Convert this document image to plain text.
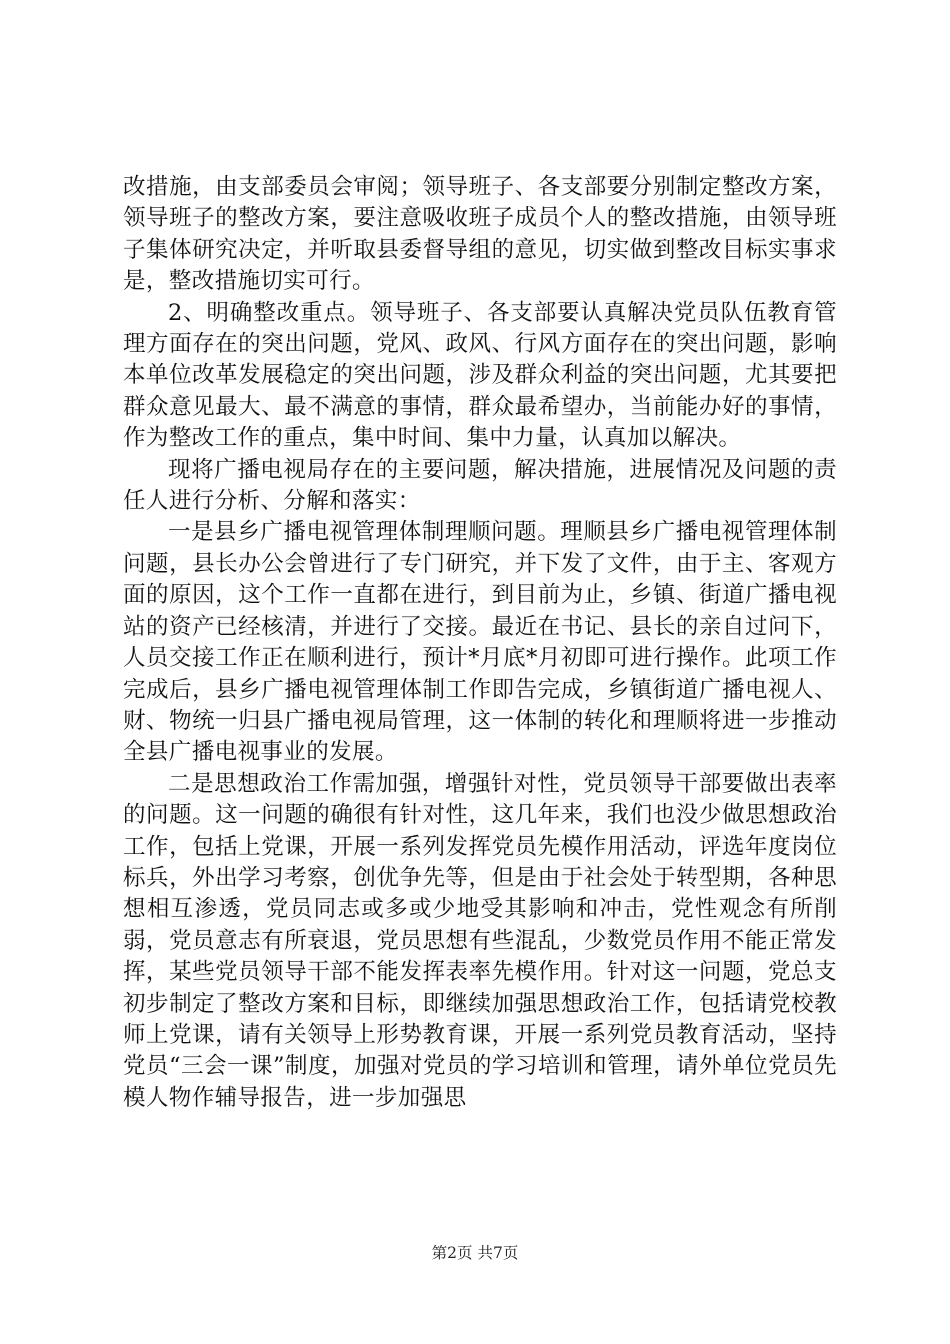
改措施，由支部委员会审阅；领导班子、各支部要分别制定整改方案，领导班子的整改方案，要注意吸收班子成员个人的整改措施，由领导班子集体研究决定，并听取县委督导组的意见，切实做到整改目标实事求是，整改措施切实可行。

2、明确整改重点。领导班子、各支部要认真解决党员队伍教育管理方面存在的突出问题，党风、政风、行风方面存在的突出问题，影响本单位改革发展稳定的突出问题，涉及群众利益的突出问题，尤其要把群众意见最大、最不满意的事情，群众最希望办，当前能办好的事情，作为整改工作的重点，集中时间、集中力量，认真加以解决。

现将广播电视局存在的主要问题，解决措施，进展情况及问题的责任人进行分析、分解和落实：

一是县乡广播电视管理体制理顺问题。理顺县乡广播电视管理体制问题，县长办公会曾进行了专门研究，并下发了文件，由于主、客观方面的原因，这个工作一直都在进行，到目前为止，乡镇、街道广播电视站的资产已经核清，并进行了交接。最近在书记、县长的亲自过问下，人员交接工作正在顺利进行，预计*月底*月初即可进行操作。此项工作完成后，县乡广播电视管理体制工作即告完成，乡镇街道广播电视人、财、物统一归县广播电视局管理，这一体制的转化和理顺将进一步推动全县广播电视事业的发展。

二是思想政治工作需加强，增强针对性，党员领导干部要做出表率的问题。这一问题的确很有针对性，这几年来，我们也没少做思想政治工作，包括上党课，开展一系列发挥党员先模作用活动，评选年度岗位标兵，外出学习考察，创优争先等，但是由于社会处于转型期，各种思想相互渗透，党员同志或多或少地受其影响和冲击，党性观念有所削弱，党员意志有所衰退，党员思想有些混乱，少数党员作用不能正常发挥，某些党员领导干部不能发挥表率先模作用。针对这一问题，党总支初步制定了整改方案和目标，即继续加强思想政治工作，包括请党校教师上党课，请有关领导上形势教育课，开展一系列党员教育活动，坚持党员“三会一课”制度，加强对党员的学习培训和管理，请外单位党员先模人物作辅导报告，进一步加强思

第2页 共7页
